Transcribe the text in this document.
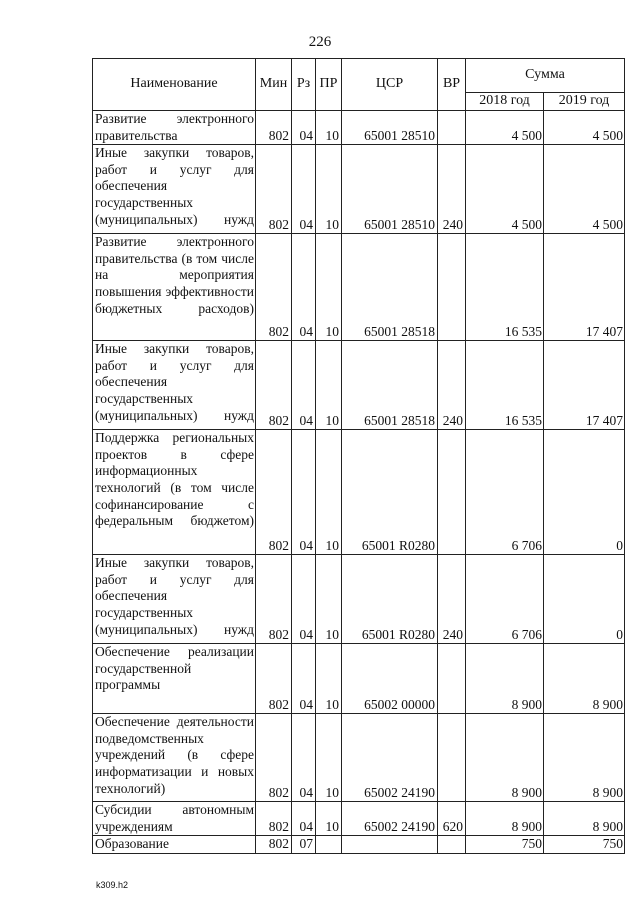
226
Наименование	Мин	Рз	ПР	ЦСР	ВР	Сумма	
						2018 год	2019 год
Развитие электронного правительства	802	04	10	65001 28510		4 500	4 500
Иные закупки товаров, работ и услуг для обеспечения государственных (муниципальных) нужд	802	04	10	65001 28510	240	4 500	4 500
Развитие электронного правительства (в том числе на мероприятия повышения эффективности бюджетных расходов)	802	04	10	65001 28518		16 535	17 407
Иные закупки товаров, работ и услуг для обеспечения государственных (муниципальных) нужд	802	04	10	65001 28518	240	16 535	17 407
Поддержка региональных проектов в сфере информационных технологий (в том числе софинансирование с федеральным бюджетом)	802	04	10	65001 R0280		6 706	0
Иные закупки товаров, работ и услуг для обеспечения государственных (муниципальных) нужд	802	04	10	65001 R0280	240	6 706	0
Обеспечение реализации государственной программы	802	04	10	65002 00000		8 900	8 900
Обеспечение деятельности подведомственных учреждений (в сфере информатизации и новых технологий)	802	04	10	65002 24190		8 900	8 900
Субсидии автономным учреждениям	802	04	10	65002 24190	620	8 900	8 900
Образование	802	07				750	750
k309.h2
